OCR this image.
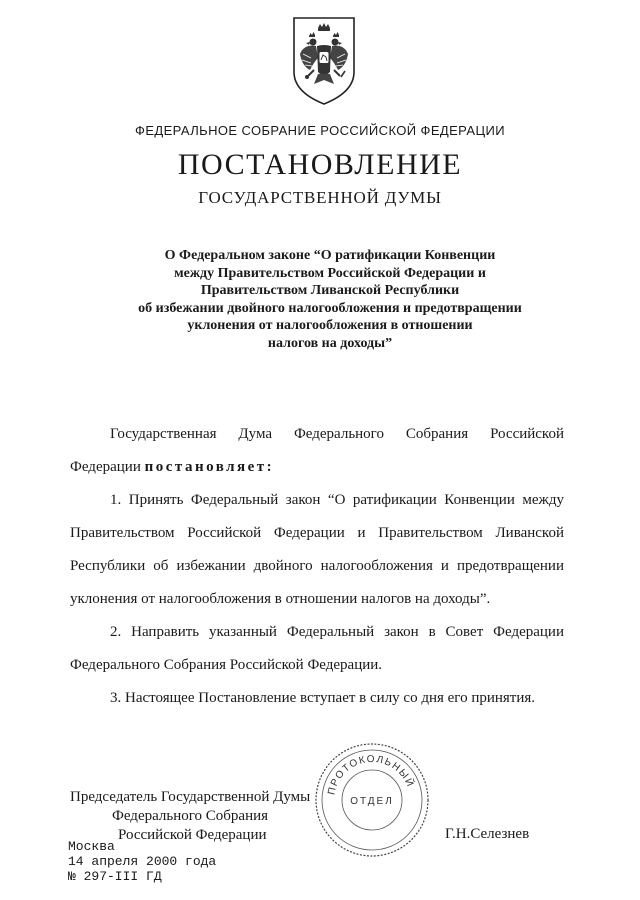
ФЕДЕРАЛЬНОЕ СОБРАНИЕ РОССИЙСКОЙ ФЕДЕРАЦИИ
ПОСТАНОВЛЕНИЕ
ГОСУДАРСТВЕННОЙ ДУМЫ
О Федеральном законе “О ратификации Конвенции
между Правительством Российской Федерации и
Правительством Ливанской Республики
об избежании двойного налогообложения и предотвращении
уклонения от налогообложения в отношении
налогов на доходы”

Государственная Дума Федерального Собрания Российской Федерации постановляет:

1. Принять Федеральный закон “О ратификации Конвенции между Правительством Российской Федерации и Правительством Ливанской Республики об избежании двойного налогообложения и предотвращении уклонения от налогообложения в отношении налогов на доходы”.

2. Направить указанный Федеральный закон в Совет Федерации Федерального Собрания Российской Федерации.

3. Настоящее Постановление вступает в силу со дня его принятия.

Председатель Государственной Думы
Федерального Собрания
Российской Федерации
ПРОТОКОЛЬНЫЙ
ОТДЕЛ
Г.Н.Селезнев
Москва
14 апреля 2000 года
№ 297-III ГД
